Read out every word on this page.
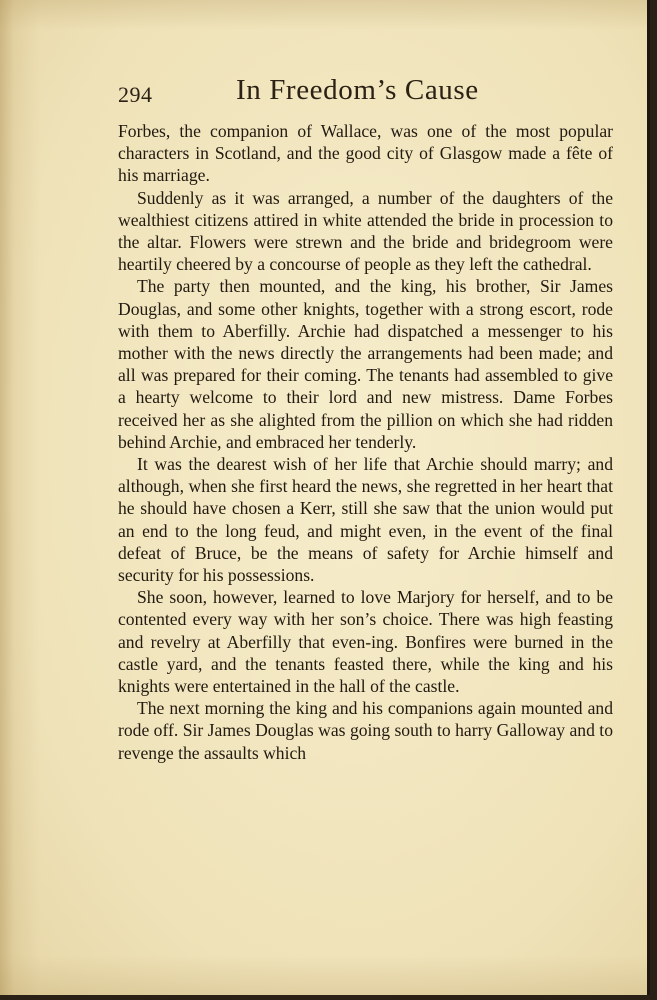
294	In Freedom’s Cause

Forbes, the companion of Wallace, was one of the most popular characters in Scotland, and the good city of Glasgow made a fête of his marriage.

Suddenly as it was arranged, a number of the daughters of the wealthiest citizens attired in white attended the bride in procession to the altar. Flowers were strewn and the bride and bridegroom were heartily cheered by a concourse of people as they left the cathedral.

The party then mounted, and the king, his brother, Sir James Douglas, and some other knights, together with a strong escort, rode with them to Aberfilly. Archie had dispatched a messenger to his mother with the news directly the arrangements had been made; and all was prepared for their coming. The tenants had assembled to give a hearty welcome to their lord and new mistress. Dame Forbes received her as she alighted from the pillion on which she had ridden behind Archie, and embraced her tenderly.

It was the dearest wish of her life that Archie should marry; and although, when she first heard the news, she regretted in her heart that he should have chosen a Kerr, still she saw that the union would put an end to the long feud, and might even, in the event of the final defeat of Bruce, be the means of safety for Archie himself and security for his possessions.

She soon, however, learned to love Marjory for herself, and to be contented every way with her son’s choice. There was high feasting and revelry at Aberfilly that even-ing. Bonfires were burned in the castle yard, and the tenants feasted there, while the king and his knights were entertained in the hall of the castle.

The next morning the king and his companions again mounted and rode off. Sir James Douglas was going south to harry Galloway and to revenge the assaults which
